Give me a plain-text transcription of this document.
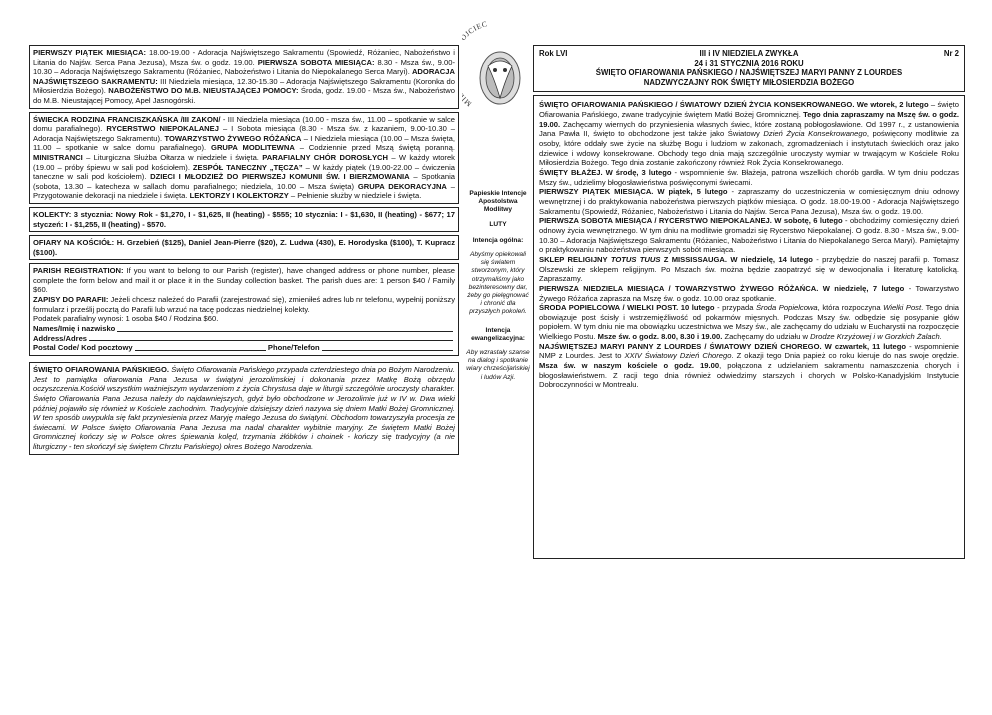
PIERWSZY PIĄTEK MIESIĄCA: 18.00-19.00 - Adoracja Najświętszego Sakramentu (Spowiedź, Różaniec, Nabożeństwo i Litania do Najśw. Serca Pana Jezusa), Msza św. o godz. 19.00. PIERWSZA SOBOTA MIESIĄCA: 8.30 - Msza św., 9.00-10.30 – Adoracja Najświętszego Sakramentu (Różaniec, Nabożeństwo i Litania do Niepokalanego Serca Maryi). ADORACJA NAJŚWIĘTSZEGO SAKRAMENTU: III Niedziela miesiąca, 12.30-15.30 – Adoracja Najświętszego Sakramentu (Koronka do Miłosierdzia Bożego). NABOŻEŃSTWO DO M.B. NIEUSTAJĄCEJ POMOCY: Środa, godz. 19.00 - Msza św., Nabożeństwo do M.B. Nieustającej Pomocy, Apel Jasnogórski.

ŚWIECKA RODZINA FRANCISZKAŃSKA /III ZAKON/ - III Niedziela miesiąca (10.00 - msza św., 11.00 – spotkanie w salce domu parafialnego). RYCERSTWO NIEPOKALANEJ – I Sobota miesiąca (8.30 - Msza św. z kazaniem, 9.00-10.30 – Adoracja Najświętszego Sakramentu). TOWARZYSTWO ŻYWEGO RÓŻAŃCA – I Niedziela miesiąca (10.00 – Msza święta, 11.00 – spotkanie w salce domu parafialnego). GRUPA MODLITEWNA – Codziennie przed Mszą świętą poranną. MINISTRANCI – Liturgiczna Służba Ołtarza w niedziele i święta. PARAFIALNY CHÓR DOROSŁYCH – W każdy wtorek (19.00 – próby śpiewu w sali pod kościołem). ZESPÓŁ TANECZNY „TĘCZA” – W każdy piątek (19.00-22.00 – ćwiczenia taneczne w sali pod kościołem). DZIECI I MŁODZIEŻ DO PIERWSZEJ KOMUNII ŚW. I BIERZMOWANIA – Spotkania (sobota, 13.30 – katecheza w sallach domu parafialnego; niedziela, 10.00 – Msza święta) GRUPA DEKORACYJNA – Przygotowanie dekoracji na niedziele i święta. LEKTORZY I KOLEKTORZY – Pełnienie służby w niedziele i święta.

KOLEKTY: 3 stycznia: Nowy Rok - $1,270, I - $1,625, II (heating) - $555; 10 stycznia: I - $1,630, II (heating) - $677; 17 styczeń: I - $1,255, II (heating) - $570.

OFIARY NA KOŚCIÓŁ: H. Grzebień ($125), Daniel Jean-Pierre ($20), Z. Ludwa (430), E. Horodyska ($100), T. Kupracz ($100).

PARISH REGISTRATION: If you want to belong to our Parish (register), have changed address or phone number, please complete the form below and mail it or place it in the Sunday collection basket. The parish dues are: 1 person $40 / Family $60.

ZAPISY DO PARAFII: Jeżeli chcesz należeć do Parafii (zarejestrować się), zmieniłeś adres lub nr telefonu, wypełnij poniższy formularz i prześlij pocztą do Parafii lub wrzuć na tacę podczas niedzielnej kolekty.

Podatek parafialny wynosi: 1 osoba $40 / Rodzina $60.

Names/Imię i nazwisko
Address/Adres
Postal Code/ Kod pocztowy	Phone/Telefon

ŚWIĘTO OFIAROWANIA PAŃSKIEGO. Święto Ofiarowania Pańskiego przypada czterdziestego dnia po Bożym Narodzeniu. Jest to pamiątka ofiarowania Pana Jezusa w świątyni jerozolimskiej i dokonania przez Matkę Bożą obrzędu oczyszczenia.Kościół wszystkim ważniejszym wydarzeniom z życia Chrystusa daje w liturgii szczególnie uroczysty charakter. Święto Ofiarowania Pana Jezusa należy do najdawniejszych, gdyż było obchodzone w Jerozolimie już w IV w. Dwa wieki później pojawiło się również w Kościele zachodnim. Tradycyjnie dzisiejszy dzień nazywa się dniem Matki Bożej Gromnicznej. W ten sposób uwypukla się fakt przyniesienia przez Maryję małego Jezusa do świątyni. Obchodom towarzyszyła procesja ze świecami. W Polsce święto Ofiarowania Pana Jezusa ma nadal charakter wybitnie maryjny. Ze świętem Matki Bożej Gromnicznej kończy się w Polsce okres śpiewania kolęd, trzymania żłóbków i choinek - kończy się tradycyjny (a nie liturgiczny - ten skończył się świętem Chrztu Pańskiego) okres Bożego Narodzenia.

M JCIEC
Papieskie Intencje Apostolstwa Modlitwy
LUTY
Intencja ogólna:
Abyśmy opiekowali się światem stworzonym, który otrzymaliśmy jako bezinteresowny dar, żeby go pielęgnować i chronić dla przyszłych pokoleń.
Intencja ewangelizacyjna:
Aby wzrastały szanse na dialog i spotkanie wiary chrześcijańskiej i ludów Azji.
Rok LVI	Nr 2
III i IV NIEDZIELA ZWYKŁA
24 i 31 STYCZNIA 2016 ROKU
ŚWIĘTO OFIAROWANIA PAŃSKIEGO / NAJŚWIĘTSZEJ MARYI PANNY Z LOURDES
NADZWYCZAJNY ROK ŚWIĘTY MIŁOSIERDZIA BOŻEGO

ŚWIĘTO OFIAROWANIA PAŃSKIEGO / ŚWIATOWY DZIEŃ ŻYCIA KONSEKROWANEGO. We wtorek, 2 lutego – święto Ofiarowania Pańskiego, zwane tradycyjnie świętem Matki Bożej Gromnicznej. Tego dnia zapraszamy na Mszę św. o godz. 19.00. Zachęcamy wiernych do przyniesienia własnych świec, które zostaną pobłogosławione. Od 1997 r., z ustanowienia Jana Pawła II, święto to obchodzone jest także jako Światowy Dzień Życia Konsekrowanego, poświęcony modlitwie za osoby, które oddały swe życie na służbę Bogu i ludziom w zakonach, zgromadzeniach i instytutach świeckich oraz jako dziewice i wdowy konsekrowane. Obchody tego dnia mają szczególnie uroczysty wymiar w trwającym w Kościele Roku Miłosierdzia Bożego. Tego dnia zostanie zakończony również Rok Życia Konsekrowanego.

ŚWIĘTY BŁAŻEJ. W środę, 3 lutego - wspomnienie św. Błażeja, patrona wszelkich chorób gardła. W tym dniu podczas Mszy św., udzielimy błogosławieństwa poświęconymi świecami.

PIERWSZY PIĄTEK MIESIĄCA. W piątek, 5 lutego - zapraszamy do uczestniczenia w comiesięcznym dniu odnowy wewnętrznej i do praktykowania nabożeństwa pierwszych piątków miesiąca. O godz. 18.00-19.00 - Adoracja Najświętszego Sakramentu (Spowiedź, Różaniec, Nabożeństwo i Litania do Najśw. Serca Pana Jezusa), Msza św. o godz. 19.00.

PIERWSZA SOBOTA MIESIĄCA / RYCERSTWO NIEPOKALANEJ. W sobotę, 6 lutego - obchodzimy comiesięczny dzień odnowy życia wewnętrznego. W tym dniu na modlitwie gromadzi się Rycerstwo Niepokalanej. O godz. 8.30 - Msza św., 9.00-10.30 – Adoracja Najświętszego Sakramentu (Różaniec, Nabożeństwo i Litania do Niepokalanego Serca Maryi). Pamiętajmy o praktykowaniu nabożeństwa pierwszych sobót miesiąca.

SKLEP RELIGIJNY TOTUS TUUS Z MISSISSAUGA. W niedzielę, 14 lutego - przybędzie do naszej parafii p. Tomasz Olszewski ze sklepem religijnym. Po Mszach św. można będzie zaopatrzyć się w dewocjonalia i literaturę katolicką. Zapraszamy.

PIERWSZA NIEDZIELA MIESIĄCA / TOWARZYSTWO ŻYWEGO RÓŻAŃCA. W niedzielę, 7 lutego - Towarzystwo Żywego Różańca zaprasza na Mszę św. o godz. 10.00 oraz spotkanie.

ŚRODA POPIELCOWA / WIELKI POST. 10 lutego - przypada Środa Popielcowa, która rozpoczyna Wielki Post. Tego dnia obowiązuje post ścisły i wstrzemięźliwość od pokarmów mięsnych. Podczas Mszy św. odbędzie się posypanie głów popiołem. W tym dniu nie ma obowiązku uczestnictwa we Mszy św., ale zachęcamy do udziału w Eucharystii na rozpoczęcie Wielkiego Postu. Msze św. o godz. 8.00, 8.30 i 19.00. Zachęcamy do udziału w Drodze Krzyżowej i w Gorzkich Żalach.

NAJŚWIĘTSZEJ MARYI PANNY Z LOURDES / ŚWIATOWY DZIEŃ CHOREGO. W czwartek, 11 lutego - wspomnienie NMP z Lourdes. Jest to XXIV Światowy Dzień Chorego. Z okazji tego Dnia papież co roku kieruje do nas swoje orędzie. Msza św. w naszym kościele o godz. 19.00, połączona z udzielaniem sakramentu namaszczenia chorych i błogosławieństwem. Z racji tego dnia również odwiedzimy starszych i chorych w Polsko-Kanadyjskim Instytucie Dobroczynności w Montrealu.
